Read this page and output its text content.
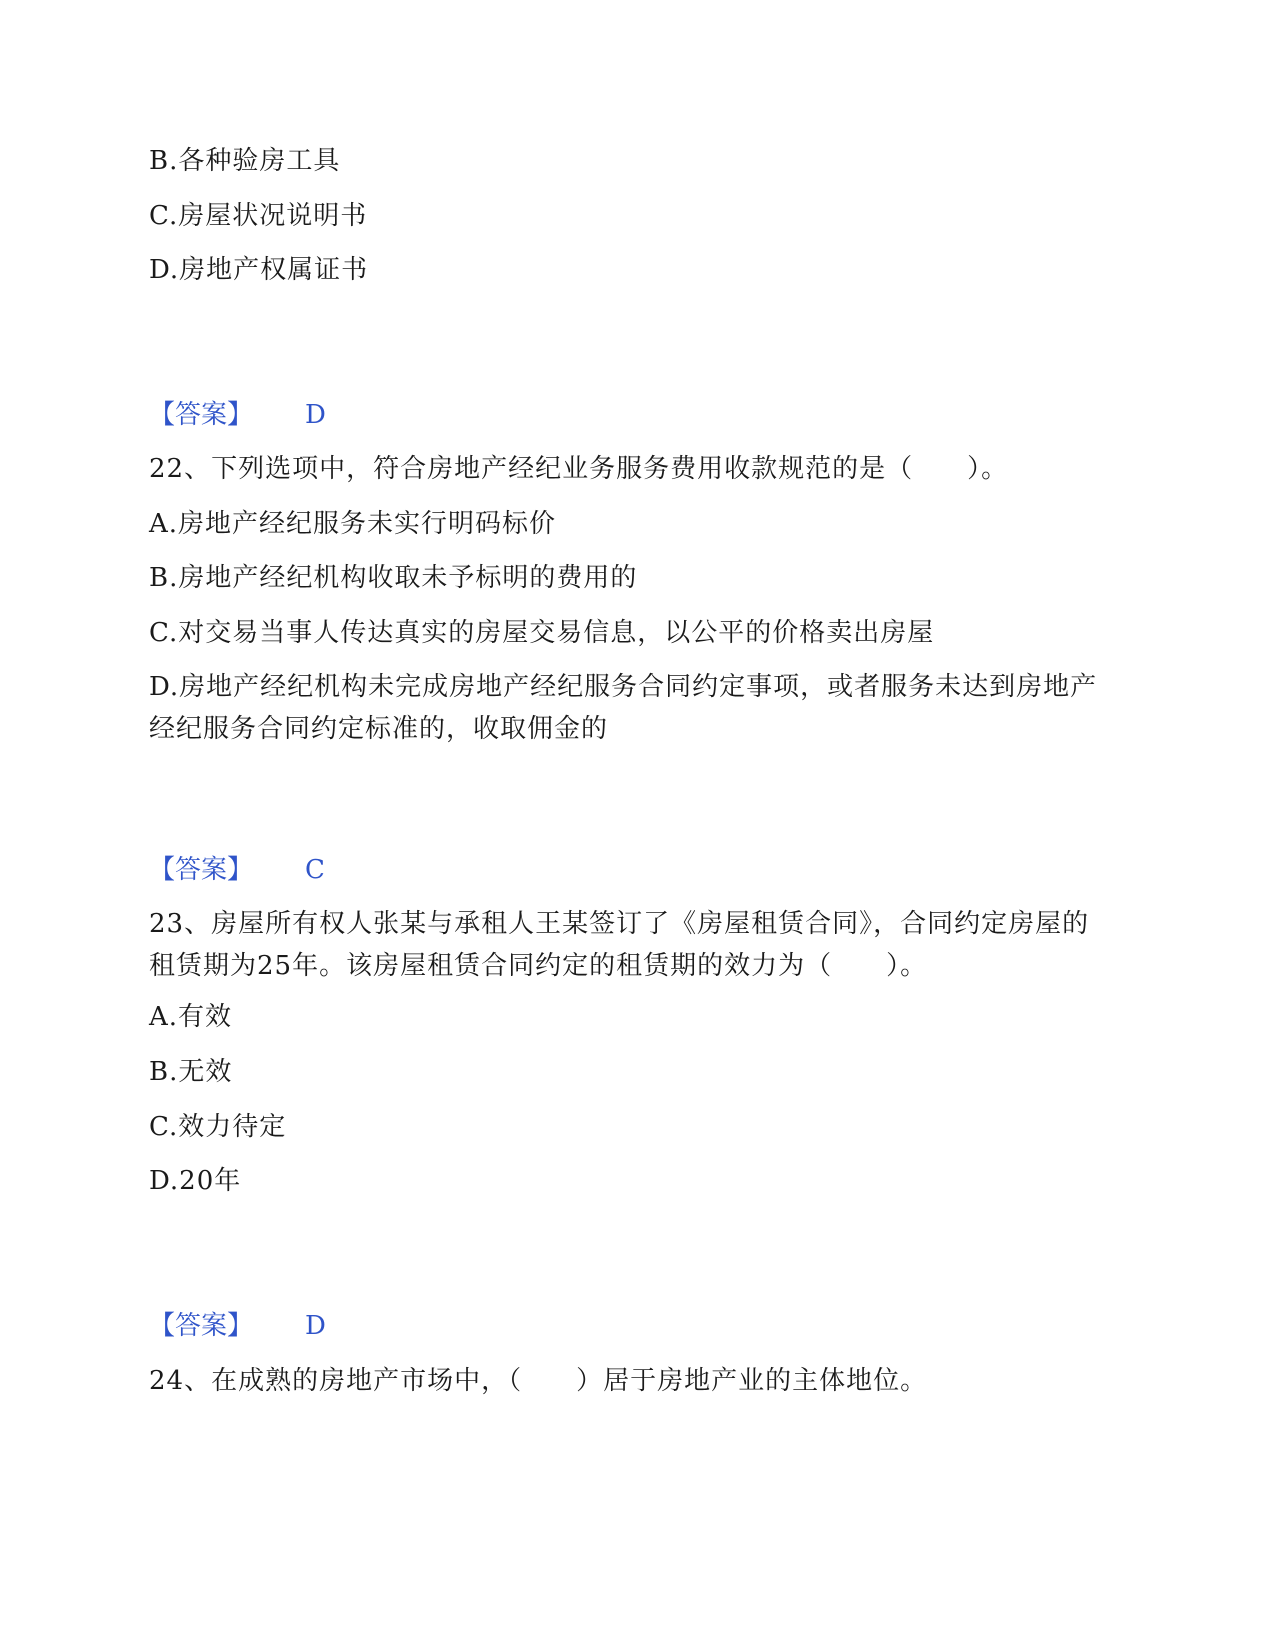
B.各种验房工具
C.房屋状况说明书
D.房地产权属证书
【答案】 D
22、下列选项中，符合房地产经纪业务服务费用收款规范的是（　　）。
A.房地产经纪服务未实行明码标价
B.房地产经纪机构收取未予标明的费用的
C.对交易当事人传达真实的房屋交易信息，以公平的价格卖出房屋
D.房地产经纪机构未完成房地产经纪服务合同约定事项，或者服务未达到房地产经纪服务合同约定标准的，收取佣金的
【答案】 C
23、房屋所有权人张某与承租人王某签订了《房屋租赁合同》，合同约定房屋的租赁期为25年。该房屋租赁合同约定的租赁期的效力为（　　）。
A.有效
B.无效
C.效力待定
D.20年
【答案】 D
24、在成熟的房地产市场中，（　　）居于房地产业的主体地位。
